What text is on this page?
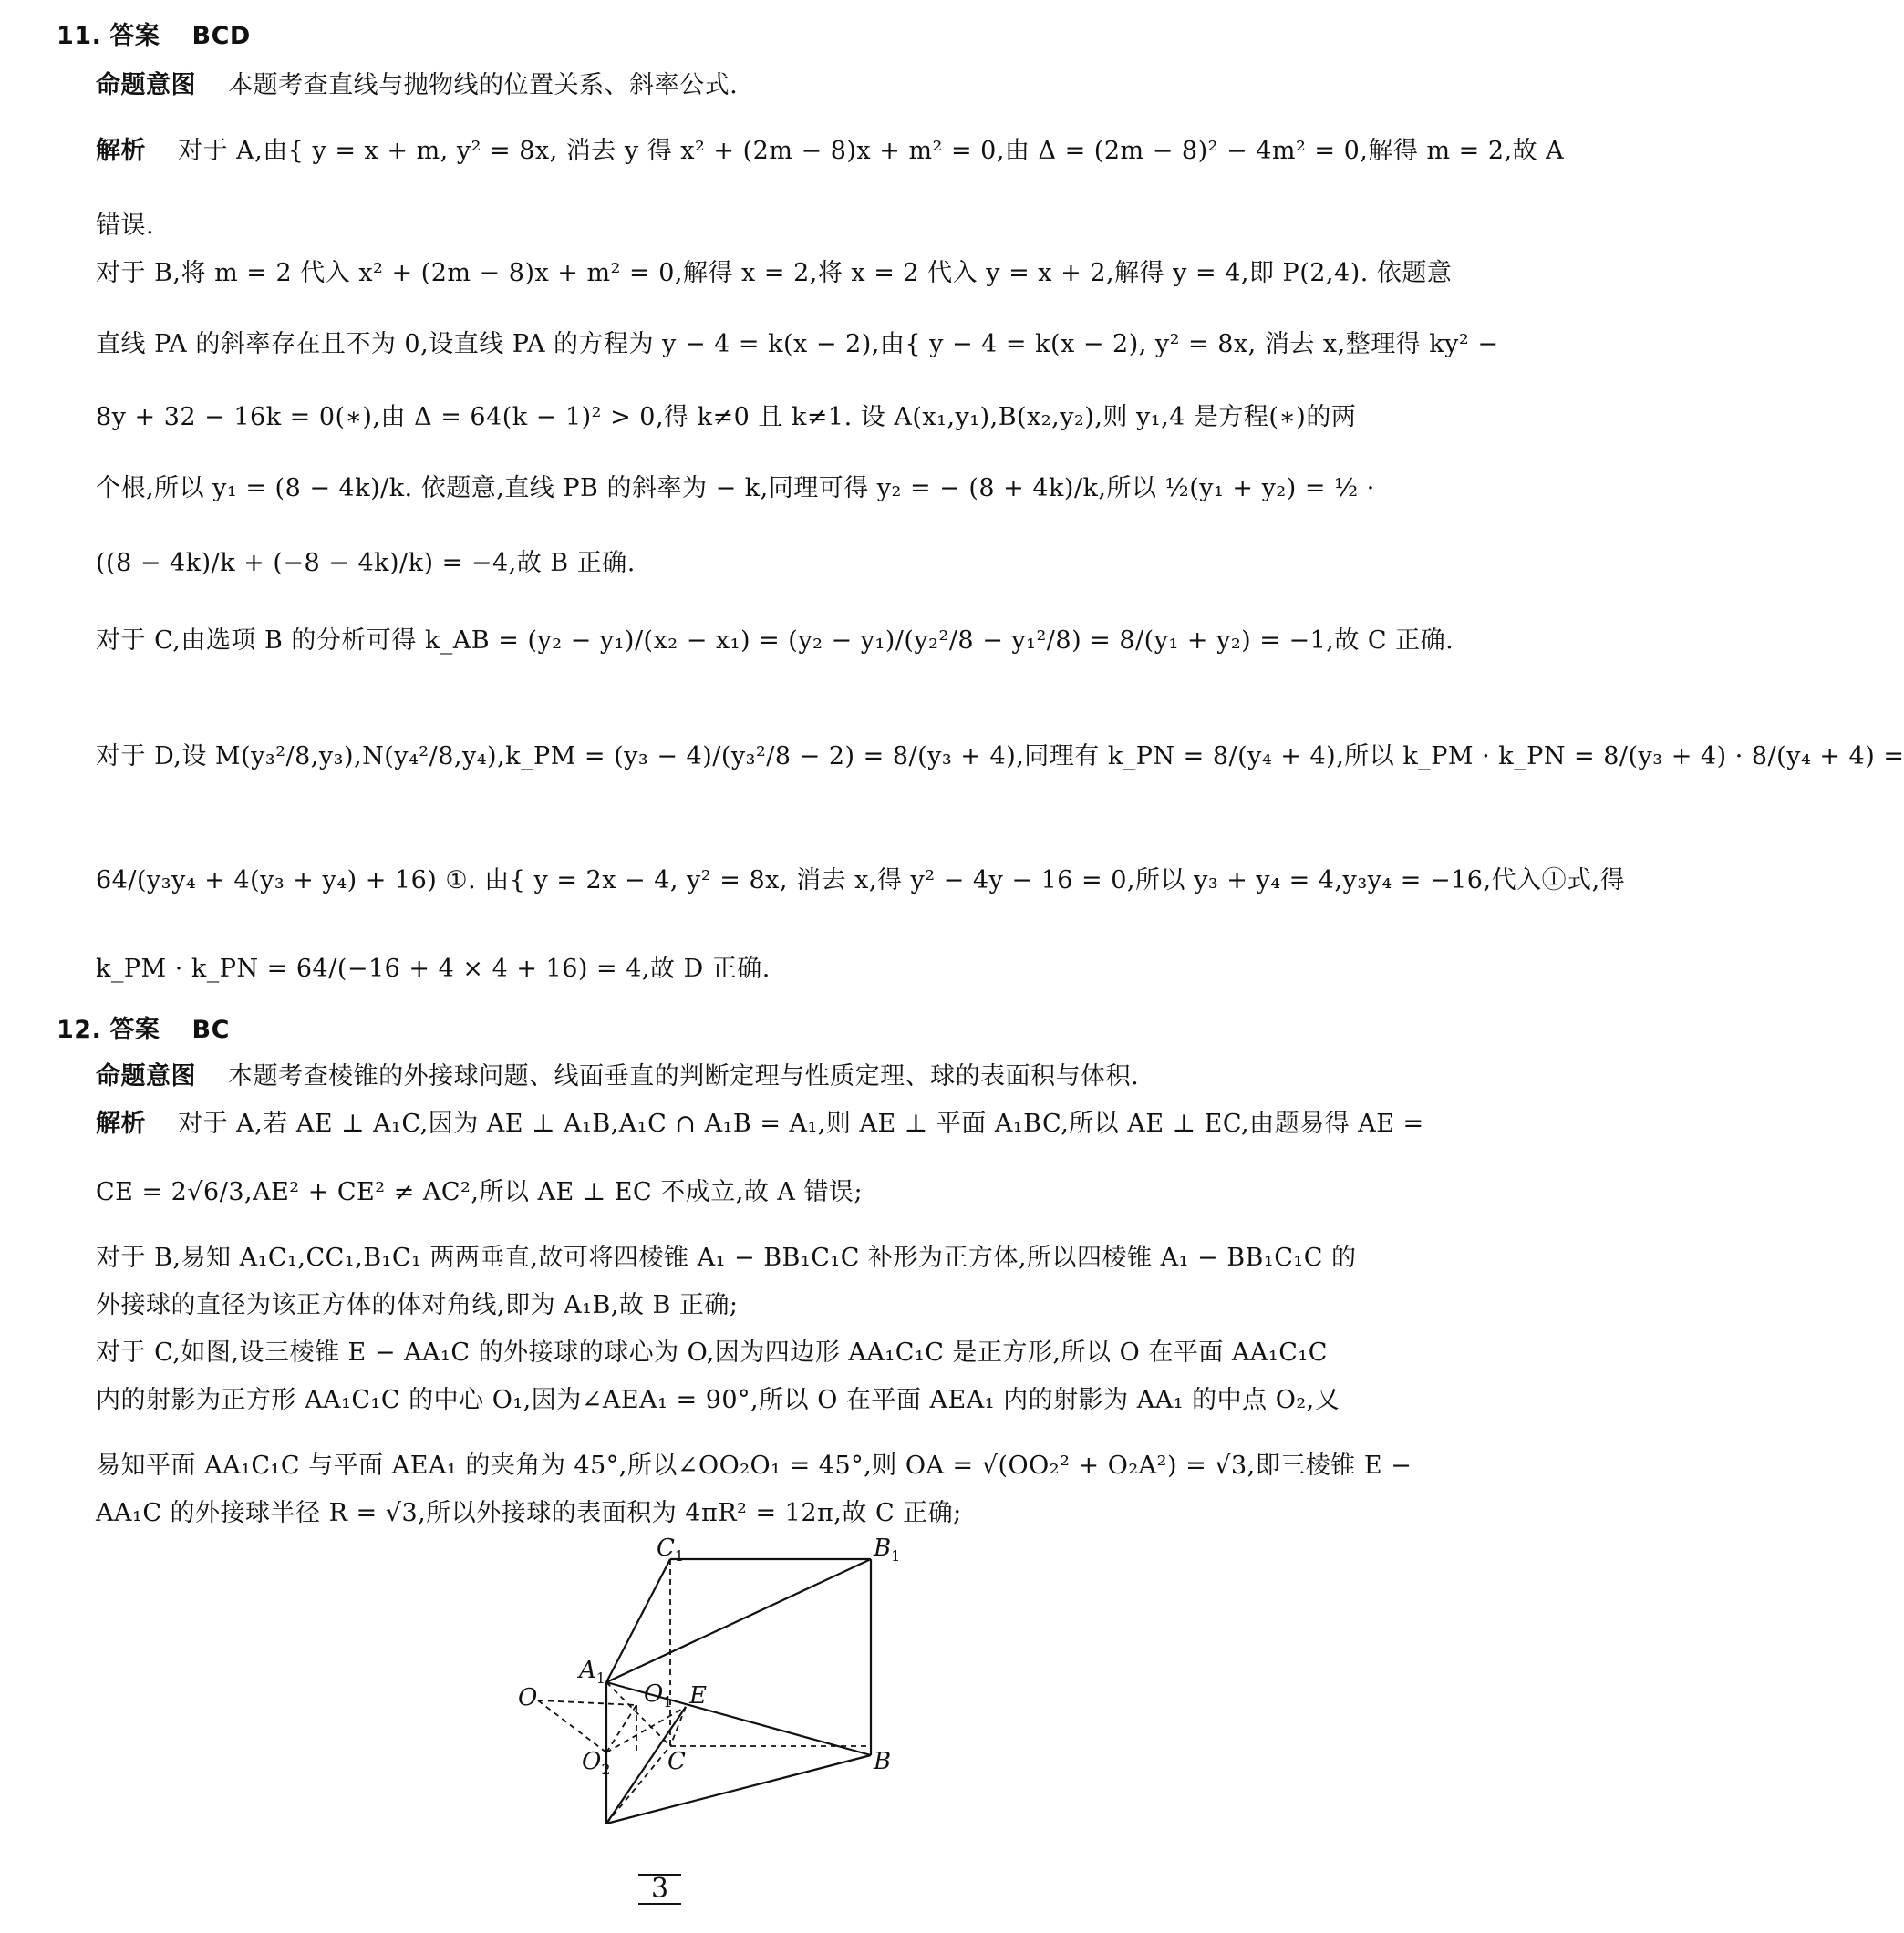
11. 答案 BCD
命题意图 本题考查直线与抛物线的位置关系、斜率公式.
解析 对于 A,由{ y = x + m, y² = 8x, 消去 y 得 x² + (2m − 8)x + m² = 0,由 Δ = (2m − 8)² − 4m² = 0,解得 m = 2,故 A
错误.
对于 B,将 m = 2 代入 x² + (2m − 8)x + m² = 0,解得 x = 2,将 x = 2 代入 y = x + 2,解得 y = 4,即 P(2,4). 依题意
直线 PA 的斜率存在且不为 0,设直线 PA 的方程为 y − 4 = k(x − 2),由{ y − 4 = k(x − 2), y² = 8x, 消去 x,整理得 ky² −
8y + 32 − 16k = 0(∗),由 Δ = 64(k − 1)² > 0,得 k≠0 且 k≠1. 设 A(x₁,y₁),B(x₂,y₂),则 y₁,4 是方程(∗)的两
个根,所以 y₁ = (8 − 4k)/k. 依题意,直线 PB 的斜率为 − k,同理可得 y₂ = − (8 + 4k)/k,所以 ½(y₁ + y₂) = ½ ·
((8 − 4k)/k + (−8 − 4k)/k) = −4,故 B 正确.
对于 C,由选项 B 的分析可得 k_AB = (y₂ − y₁)/(x₂ − x₁) = (y₂ − y₁)/(y₂²/8 − y₁²/8) = 8/(y₁ + y₂) = −1,故 C 正确.
对于 D,设 M(y₃²/8,y₃),N(y₄²/8,y₄),k_PM = (y₃ − 4)/(y₃²/8 − 2) = 8/(y₃ + 4),同理有 k_PN = 8/(y₄ + 4),所以 k_PM · k_PN = 8/(y₃ + 4) · 8/(y₄ + 4) =
64/(y₃y₄ + 4(y₃ + y₄) + 16) ①. 由{ y = 2x − 4, y² = 8x, 消去 x,得 y² − 4y − 16 = 0,所以 y₃ + y₄ = 4,y₃y₄ = −16,代入①式,得
k_PM · k_PN = 64/(−16 + 4 × 4 + 16) = 4,故 D 正确.
12. 答案 BC
命题意图 本题考查棱锥的外接球问题、线面垂直的判断定理与性质定理、球的表面积与体积.
解析 对于 A,若 AE ⊥ A₁C,因为 AE ⊥ A₁B,A₁C ∩ A₁B = A₁,则 AE ⊥ 平面 A₁BC,所以 AE ⊥ EC,由题易得 AE =
CE = 2√6/3,AE² + CE² ≠ AC²,所以 AE ⊥ EC 不成立,故 A 错误;
对于 B,易知 A₁C₁,CC₁,B₁C₁ 两两垂直,故可将四棱锥 A₁ − BB₁C₁C 补形为正方体,所以四棱锥 A₁ − BB₁C₁C 的
外接球的直径为该正方体的体对角线,即为 A₁B,故 B 正确;
对于 C,如图,设三棱锥 E − AA₁C 的外接球的球心为 O,因为四边形 AA₁C₁C 是正方形,所以 O 在平面 AA₁C₁C
内的射影为正方形 AA₁C₁C 的中心 O₁,因为∠AEA₁ = 90°,所以 O 在平面 AEA₁ 内的射影为 AA₁ 的中点 O₂,又
易知平面 AA₁C₁C 与平面 AEA₁ 的夹角为 45°,所以∠OO₂O₁ = 45°,则 OA = √(OO₂² + O₂A²) = √3,即三棱锥 E −
AA₁C 的外接球半径 R = √3,所以外接球的表面积为 4πR² = 12π,故 C 正确;
$C_1$	$B_1$
$A_1$
E
O	$O_1$
$O_2$ C	B
3
